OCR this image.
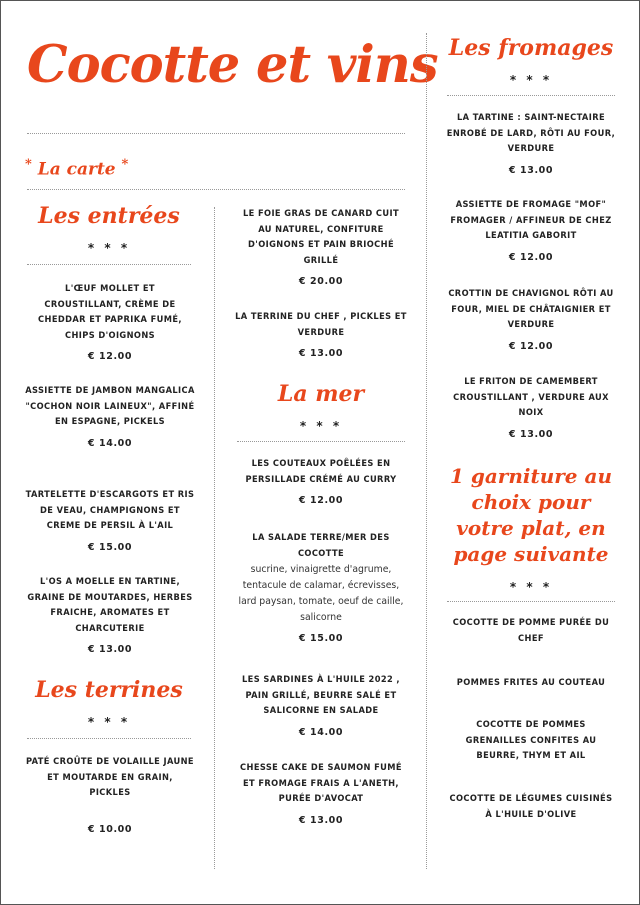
Cocotte et vins
* La carte *
Les entrées
* * *
L'ŒUF MOLLET ET CROUSTILLANT, CRÈME DE CHEDDAR ET PAPRIKA FUMÉ, CHIPS D'OIGNONS
€ 12.00
ASSIETTE DE JAMBON MANGALICA "COCHON NOIR LAINEUX", AFFINÉ EN ESPAGNE, PICKELS
€ 14.00
TARTELETTE D'ESCARGOTS ET RIS DE VEAU, CHAMPIGNONS ET CREME DE PERSIL À L'AIL
€ 15.00
L'OS A MOELLE EN TARTINE, GRAINE DE MOUTARDES, HERBES FRAICHE, AROMATES ET CHARCUTERIE
€ 13.00
Les terrines
* * *
PATÉ CROÛTE DE VOLAILLE JAUNE ET MOUTARDE EN GRAIN, PICKLES
€ 10.00
LE FOIE GRAS DE CANARD CUIT AU NATUREL, CONFITURE D'OIGNONS ET PAIN BRIOCHÉ GRILLÉ
€ 20.00
LA TERRINE DU CHEF , PICKLES ET VERDURE
€ 13.00
La mer
* * *
LES COUTEAUX POÊLÉES EN PERSILLADE CRÉMÉ AU CURRY
€ 12.00
LA SALADE TERRE/MER DES COCOTTE
sucrine, vinaigrette d'agrume, tentacule de calamar, écrevisses, lard paysan, tomate, oeuf de caille, salicorne
€ 15.00
LES SARDINES À L'HUILE 2022 , PAIN GRILLÉ, BEURRE SALÉ ET SALICORNE EN SALADE
€ 14.00
CHESSE CAKE DE SAUMON FUMÉ ET FROMAGE FRAIS A L'ANETH, PURÉE D'AVOCAT
€ 13.00
Les fromages
* * *
LA TARTINE : SAINT-NECTAIRE ENROBÉ DE LARD, RÔTI AU FOUR, VERDURE
€ 13.00
ASSIETTE DE FROMAGE "MOF" FROMAGER / AFFINEUR DE CHEZ LEATITIA GABORIT
€ 12.00
CROTTIN DE CHAVIGNOL RÔTI AU FOUR, MIEL DE CHÂTAIGNIER ET VERDURE
€ 12.00
LE FRITON DE CAMEMBERT CROUSTILLANT , VERDURE AUX NOIX
€ 13.00
1 garniture au choix pour votre plat, en page suivante
* * *
COCOTTE DE POMME PURÉE DU CHEF
POMMES FRITES AU COUTEAU
COCOTTE DE POMMES GRENAILLES CONFITES AU BEURRE, THYM ET AIL
COCOTTE DE LÉGUMES CUISINÉS À L'HUILE D'OLIVE
